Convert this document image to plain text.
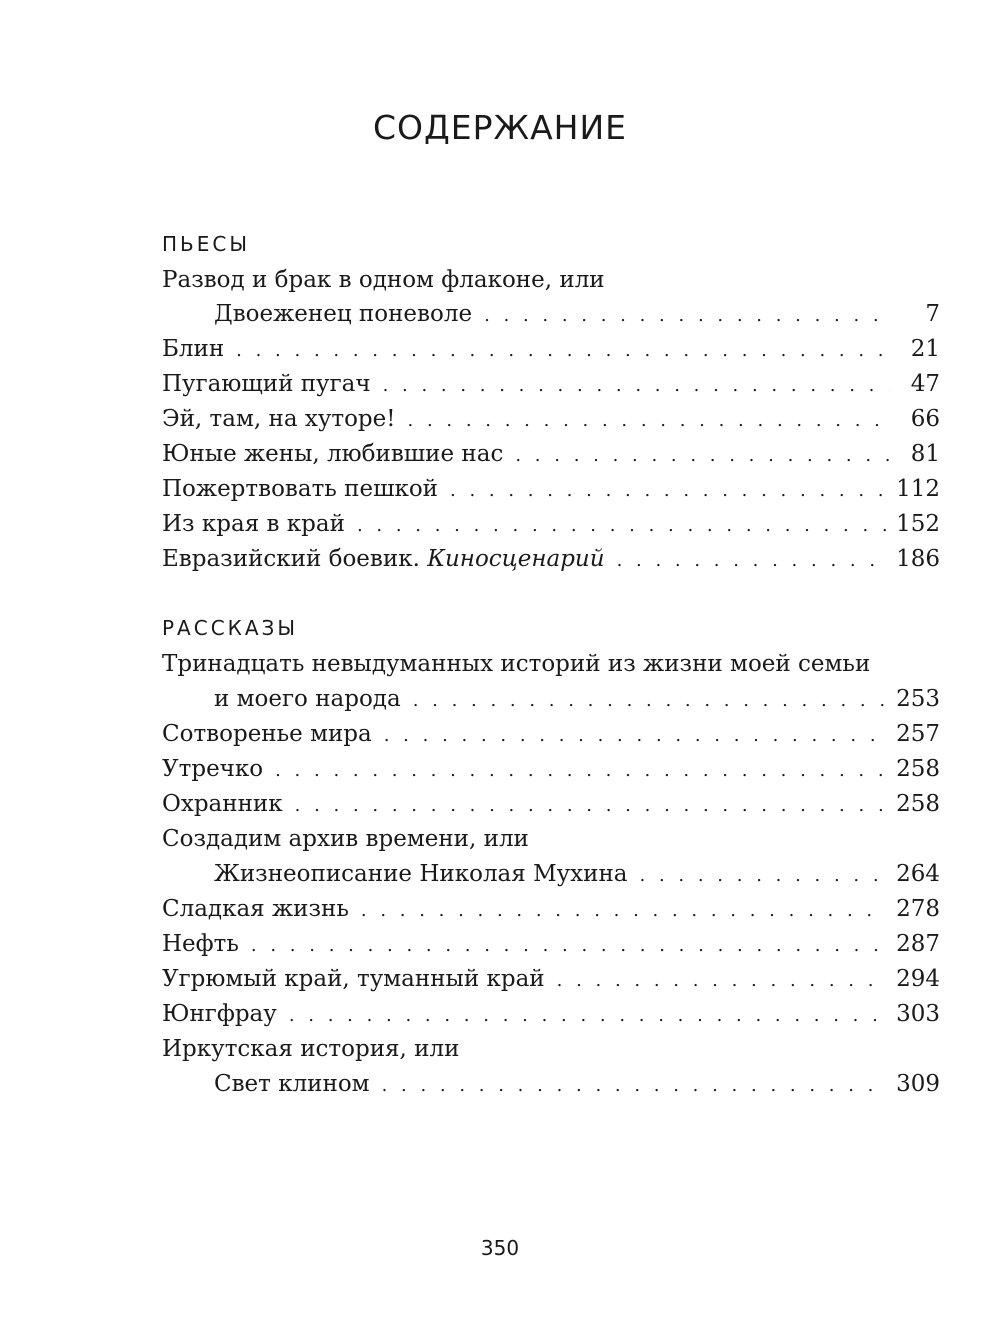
СОДЕРЖАНИЕ
ПЬЕСЫ
Развод и брак в одном флаконе, или
Двоеженец поневоле . . .	7
Блин . . .	21
Пугающий пугач . . .	47
Эй, там, на хуторе! . . .	66
Юные жены, любившие нас . . .	81
Пожертвовать пешкой . . .	112
Из края в край . . .	152
Евразийский боевик. Киносценарий . . .	186
РАССКАЗЫ
Тринадцать невыдуманных историй из жизни моей семьи
и моего народа . . .	253
Сотворенье мира . . .	257
Утречко . . .	258
Охранник . . .	258
Создадим архив времени, или
Жизнеописание Николая Мухина . . .	264
Сладкая жизнь . . .	278
Нефть . . .	287
Угрюмый край, туманный край . . .	294
Юнгфрау . . .	303
Иркутская история, или
Свет клином . . .	309
350
